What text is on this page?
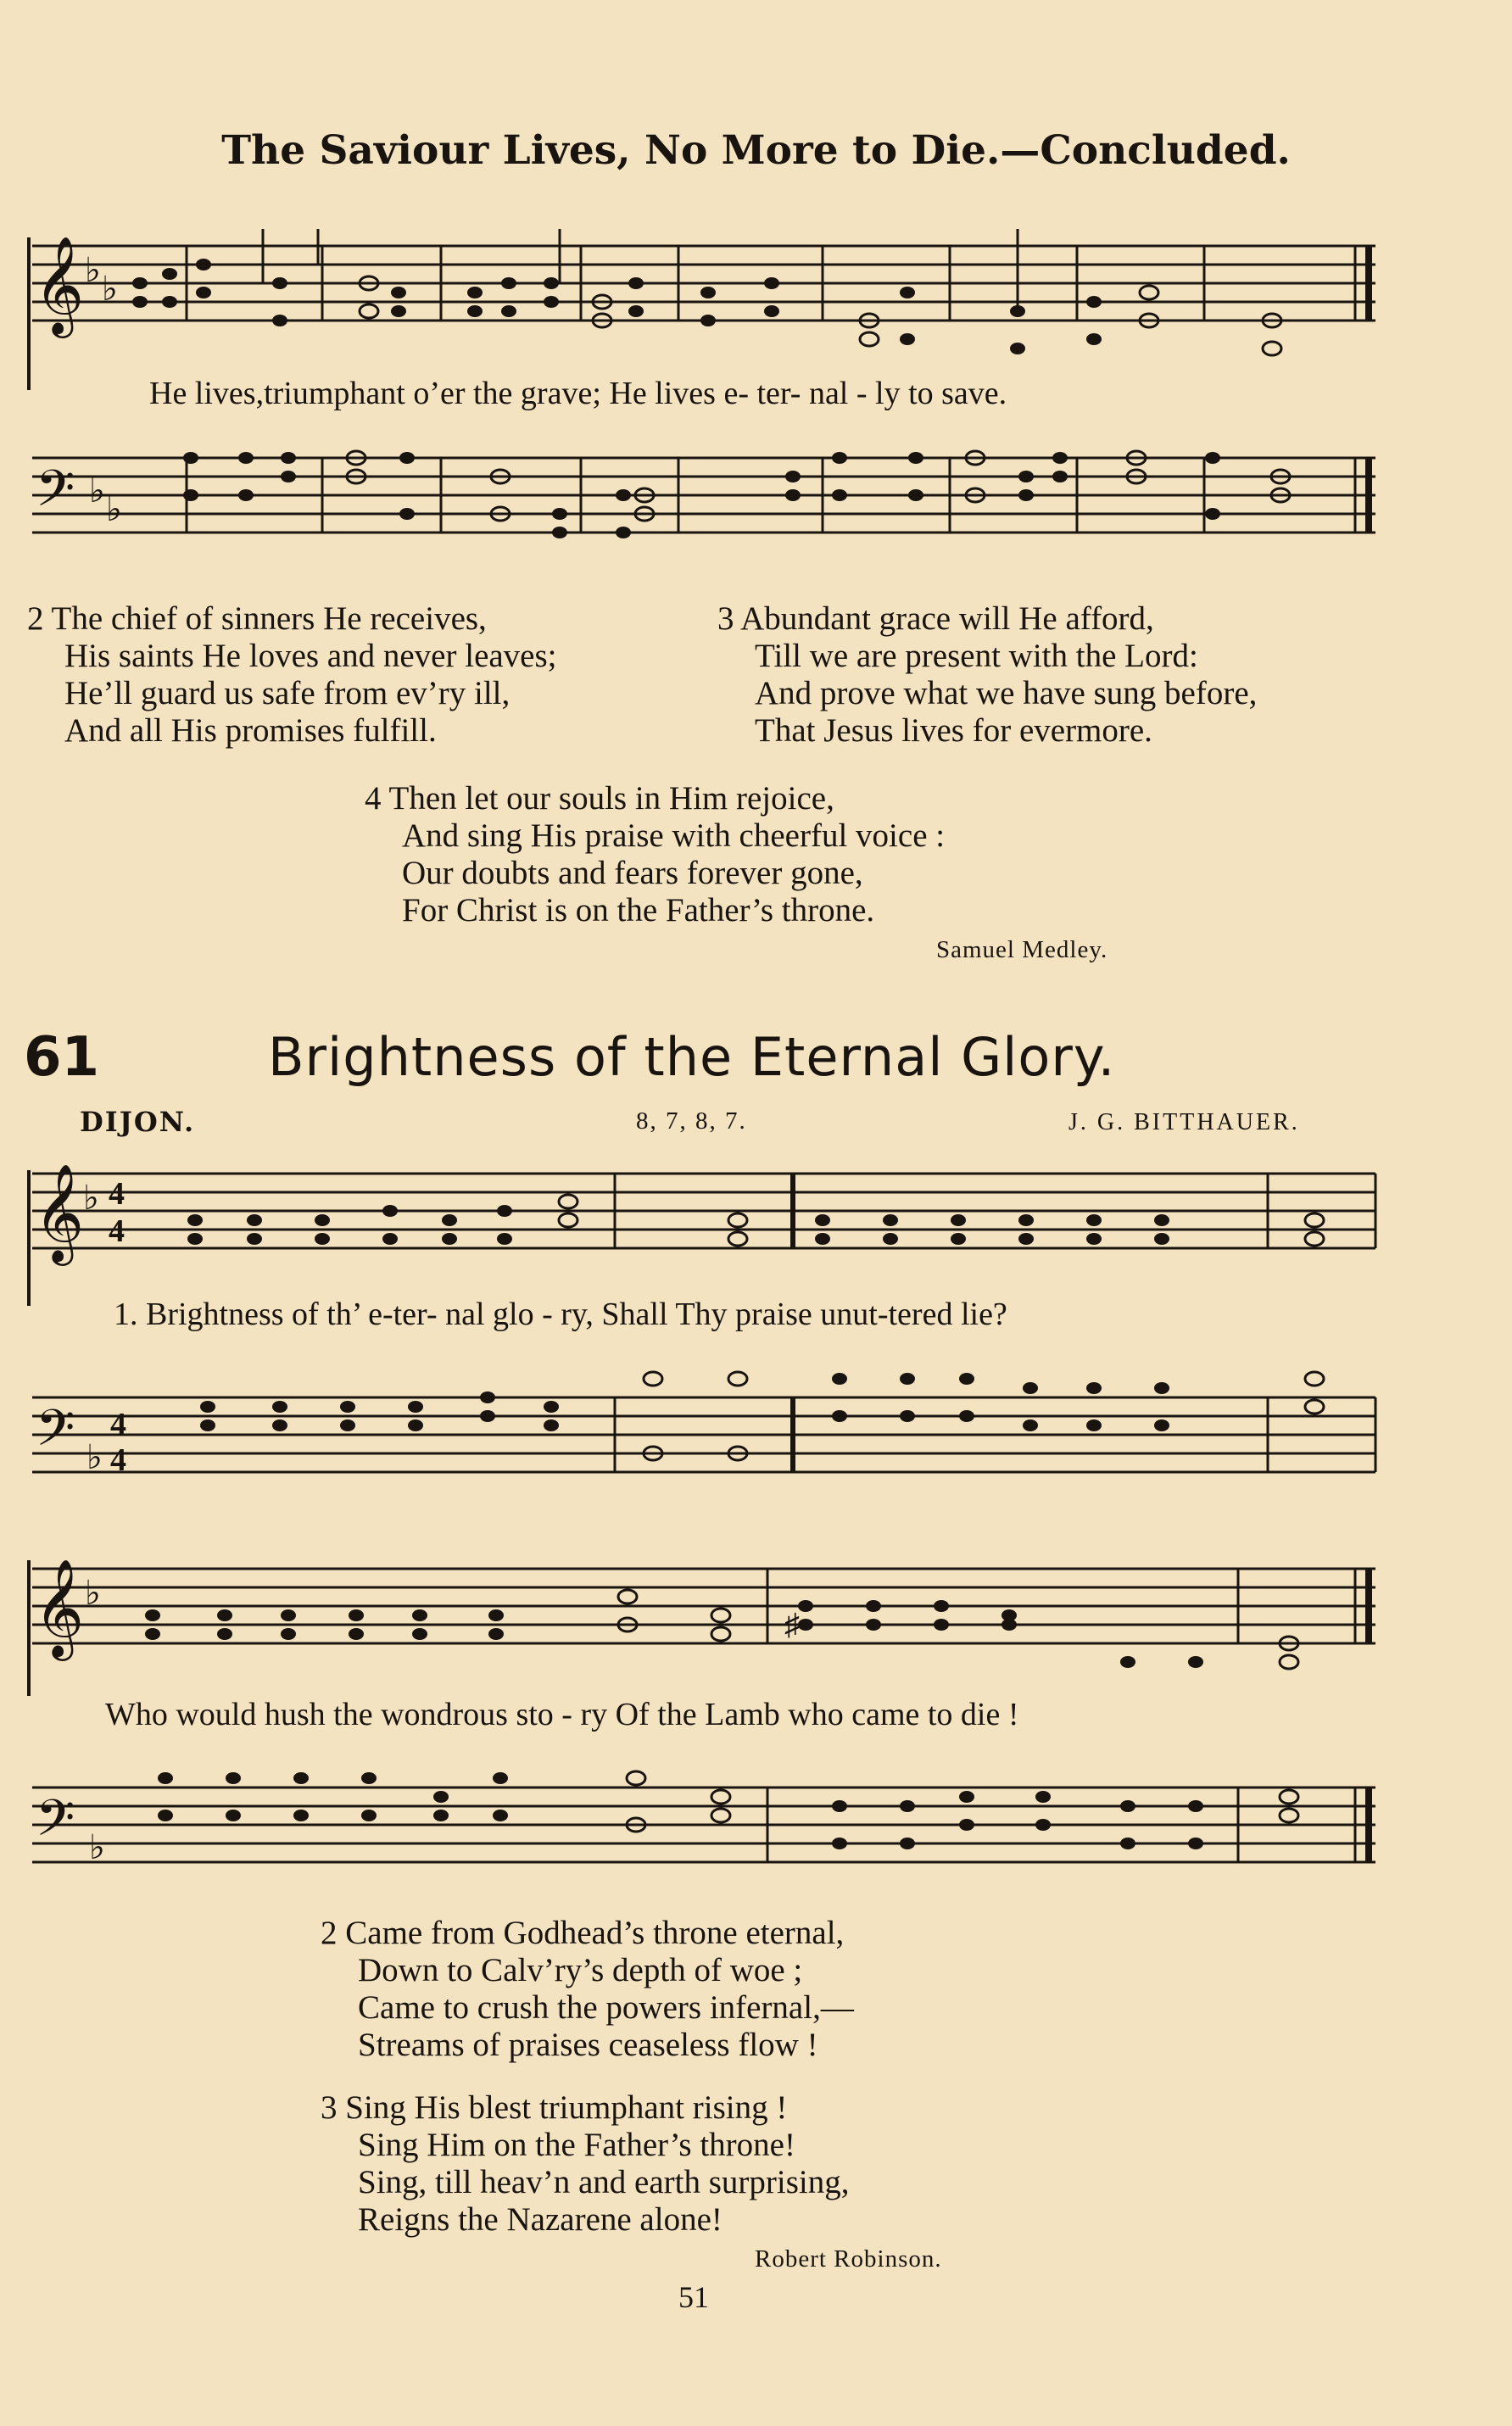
The Saviour Lives, No More to Die.—Concluded.
𝄞 ♭ ♭
He lives,triumphant o’er the grave; He lives e- ter- nal - ly to save.
𝄢 ♭ ♭
2 The chief of sinners He receives,
His saints He loves and never leaves;
He’ll guard us safe from ev’ry ill,
And all His promises fulfill.
3 Abundant grace will He afford,
Till we are present with the Lord:
And prove what we have sung before,
That Jesus lives for evermore.
4 Then let our souls in Him rejoice,
And sing His praise with cheerful voice :
Our doubts and fears forever gone,
For Christ is on the Father’s throne.
Samuel Medley.
61	Brightness of the Eternal Glory.
DIJON.	8, 7, 8, 7.	J. G. BITTHAUER.
𝄞
♭ 4
4
1. Brightness of th’ e-ter- nal glo - ry, Shall Thy praise unut-tered lie?
𝄢 ♭
4
4
𝄞 ♭
♯
Who would hush the wondrous sto - ry Of the Lamb who came to die !
𝄢 ♭
2 Came from Godhead’s throne eternal,
Down to Calv’ry’s depth of woe ;
Came to crush the powers infernal,—
Streams of praises ceaseless flow !
3 Sing His blest triumphant rising !
Sing Him on the Father’s throne!
Sing, till heav’n and earth surprising,
Reigns the Nazarene alone!
Robert Robinson.
51
